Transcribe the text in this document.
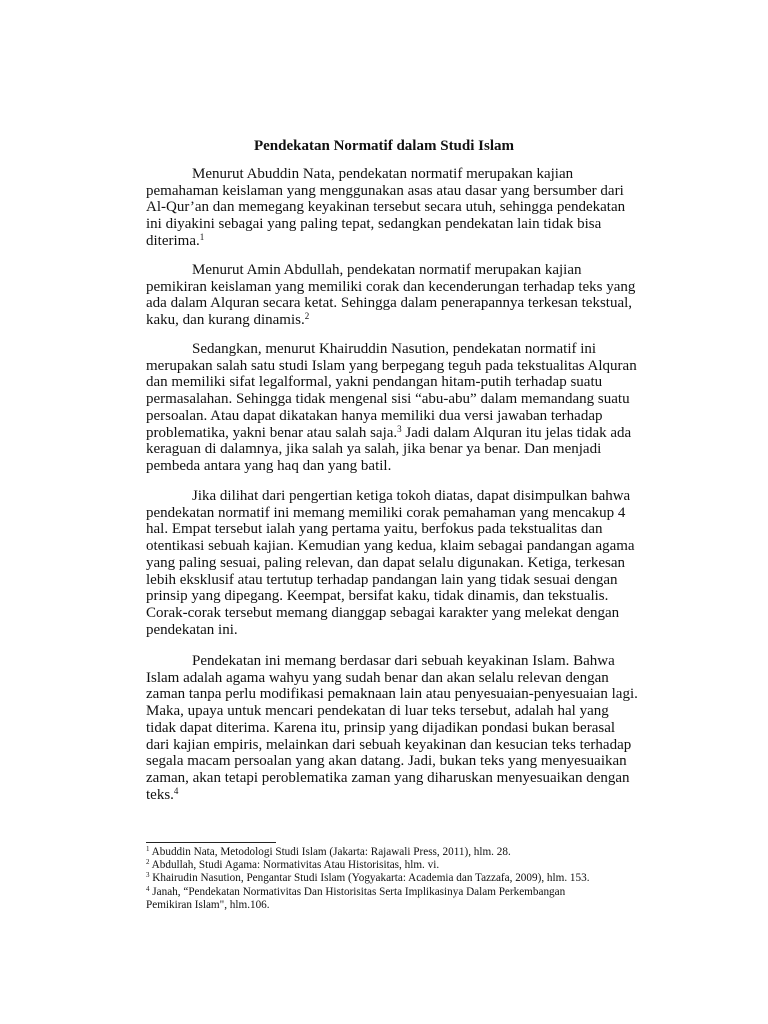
Pendekatan Normatif dalam Studi Islam

Menurut Abuddin Nata, pendekatan normatif merupakan kajian
pemahaman keislaman yang menggunakan asas atau dasar yang bersumber dari
Al-Qur’an dan memegang keyakinan tersebut secara utuh, sehingga pendekatan
ini diyakini sebagai yang paling tepat, sedangkan pendekatan lain tidak bisa
diterima.$^1$

Menurut Amin Abdullah, pendekatan normatif merupakan kajian
pemikiran keislaman yang memiliki corak dan kecenderungan terhadap teks yang
ada dalam Alquran secara ketat. Sehingga dalam penerapannya terkesan tekstual,
kaku, dan kurang dinamis.$^2$

Sedangkan, menurut Khairuddin Nasution, pendekatan normatif ini
merupakan salah satu studi Islam yang berpegang teguh pada tekstualitas Alquran
dan memiliki sifat legalformal, yakni pendangan hitam-putih terhadap suatu
permasalahan. Sehingga tidak mengenal sisi “abu-abu” dalam memandang suatu
persoalan. Atau dapat dikatakan hanya memiliki dua versi jawaban terhadap
problematika, yakni benar atau salah saja.$^3$ Jadi dalam Alquran itu jelas tidak ada
keraguan di dalamnya, jika salah ya salah, jika benar ya benar. Dan menjadi
pembeda antara yang haq dan yang batil.

Jika dilihat dari pengertian ketiga tokoh diatas, dapat disimpulkan bahwa
pendekatan normatif ini memang memiliki corak pemahaman yang mencakup 4
hal. Empat tersebut ialah yang pertama yaitu, berfokus pada tekstualitas dan
otentikasi sebuah kajian. Kemudian yang kedua, klaim sebagai pandangan agama
yang paling sesuai, paling relevan, dan dapat selalu digunakan. Ketiga, terkesan
lebih eksklusif atau tertutup terhadap pandangan lain yang tidak sesuai dengan
prinsip yang dipegang. Keempat, bersifat kaku, tidak dinamis, dan tekstualis.
Corak-corak tersebut memang dianggap sebagai karakter yang melekat dengan
pendekatan ini.

Pendekatan ini memang berdasar dari sebuah keyakinan Islam. Bahwa
Islam adalah agama wahyu yang sudah benar dan akan selalu relevan dengan
zaman tanpa perlu modifikasi pemaknaan lain atau penyesuaian-penyesuaian lagi.
Maka, upaya untuk mencari pendekatan di luar teks tersebut, adalah hal yang
tidak dapat diterima. Karena itu, prinsip yang dijadikan pondasi bukan berasal
dari kajian empiris, melainkan dari sebuah keyakinan dan kesucian teks terhadap
segala macam persoalan yang akan datang. Jadi, bukan teks yang menyesuaikan
zaman, akan tetapi peroblematika zaman yang diharuskan menyesuaikan dengan
teks.$^4$

$^1$ Abuddin Nata, Metodologi Studi Islam (Jakarta: Rajawali Press, 2011), hlm. 28.
$^2$ Abdullah, Studi Agama: Normativitas Atau Historisitas, hlm. vi.
$^3$ Khairudin Nasution, Pengantar Studi Islam (Yogyakarta: Academia dan Tazzafa, 2009), hlm. 153.
$^4$ Janah, “Pendekatan Normativitas Dan Historisitas Serta Implikasinya Dalam Perkembangan
Pemikiran Islam", hlm.106.
